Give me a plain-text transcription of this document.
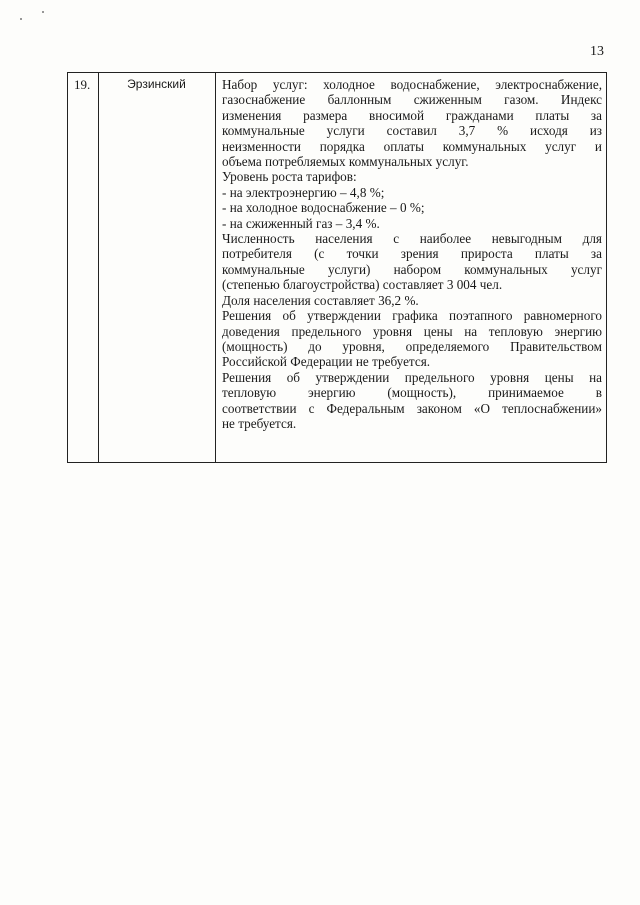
13
19.	Эрзинский	Набор услуг: холодное водоснабжение, электроснабжение,

газоснабжение баллонным сжиженным газом. Индекс

изменения размера вносимой гражданами платы за

коммунальные услуги составил 3,7 % исходя из

неизменности порядка оплаты коммунальных услуг и

объема потребляемых коммунальных услуг.

Уровень роста тарифов:

- на электроэнергию – 4,8 %;

- на холодное водоснабжение – 0 %;

- на сжиженный газ – 3,4 %.

Численность населения с наиболее невыгодным для

потребителя (с точки зрения прироста платы за

коммунальные услуги) набором коммунальных услуг

(степенью благоустройства) составляет 3 004 чел.

Доля населения составляет 36,2 %.

Решения об утверждении графика поэтапного равномерного

доведения предельного уровня цены на тепловую энергию

(мощность) до уровня, определяемого Правительством

Российской Федерации не требуется.

Решения об утверждении предельного уровня цены на

тепловую энергию (мощность), принимаемое в

соответствии с Федеральным законом «О теплоснабжении»

не требуется.
